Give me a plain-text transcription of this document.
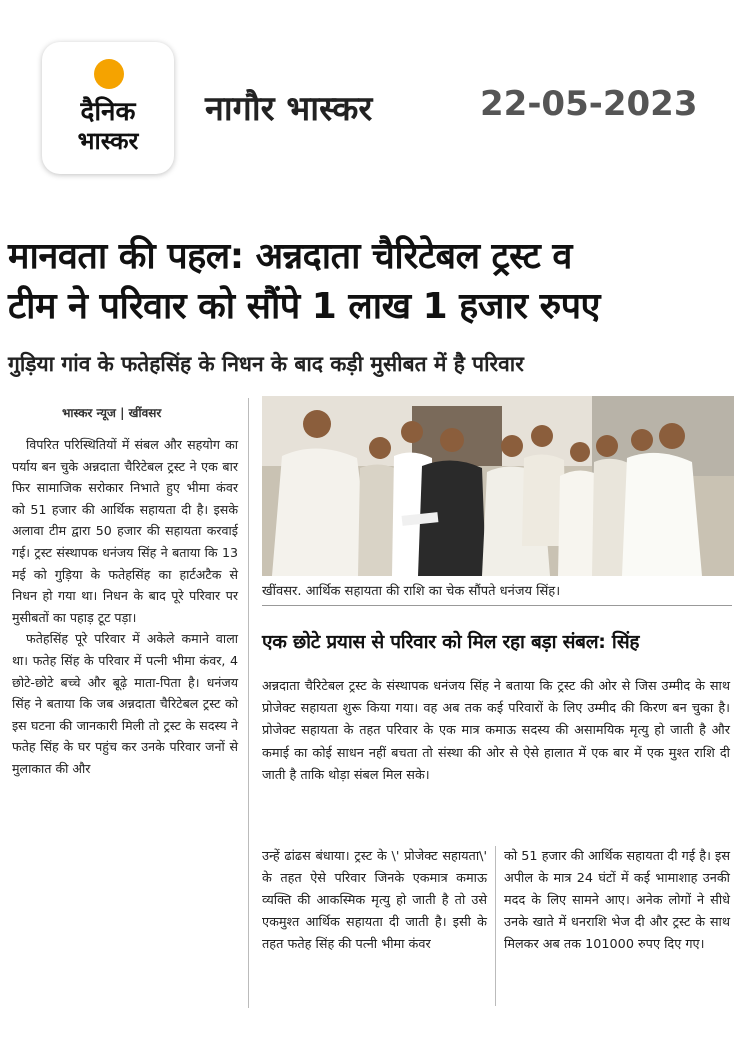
दैनिक
भास्कर
नागौर भास्कर	22-05-2023
मानवता की पहल: अन्नदाता चैरिटेबल ट्रस्ट व
टीम ने परिवार को सौंपे 1 लाख 1 हजार रुपए
गुड़िया गांव के फतेहसिंह के निधन के बाद कड़ी मुसीबत में है परिवार
भास्कर न्यूज | खींवसर

विपरित परिस्थितियों में संबल और सहयोग का पर्याय बन चुके अन्नदाता चैरिटेबल ट्रस्ट ने एक बार फिर सामाजिक सरोकार निभाते हुए भीमा कंवर को 51 हजार की आर्थिक सहायता दी है। इसके अलावा टीम द्वारा 50 हजार की सहायता करवाई गई। ट्रस्ट संस्थापक धनंजय सिंह ने बताया कि 13 मई को गुड़िया के फतेहसिंह का हार्टअटैक से निधन हो गया था। निधन के बाद पूरे परिवार पर मुसीबतों का पहाड़ टूट पड़ा।

फतेहसिंह पूरे परिवार में अकेले कमाने वाला था। फतेह सिंह के परिवार में पत्नी भीमा कंवर, 4 छोटे-छोटे बच्चे और बूढ़े माता-पिता है। धनंजय सिंह ने बताया कि जब अन्नदाता चैरिटेबल ट्रस्ट को इस घटना की जानकारी मिली तो ट्रस्ट के सदस्य ने फतेह सिंह के घर पहुंच कर उनके परिवार जनों से मुलाकात की और

खींवसर. आर्थिक सहायता की राशि का चेक सौंपते धनंजय सिंह।
एक छोटे प्रयास से परिवार को मिल रहा बड़ा संबल: सिंह
अन्नदाता चैरिटेबल ट्रस्ट के संस्थापक धनंजय सिंह ने बताया कि ट्रस्ट की ओर से जिस उम्मीद के साथ प्रोजेक्ट सहायता शुरू किया गया। वह अब तक कई परिवारों के लिए उम्मीद की किरण बन चुका है। प्रोजेक्ट सहायता के तहत परिवार के एक मात्र कमाऊ सदस्य की असामयिक मृत्यु हो जाती है और कमाई का कोई साधन नहीं बचता तो संस्था की ओर से ऐसे हालात में एक बार में एक मुश्त राशि दी जाती है ताकि थोड़ा संबल मिल सके।
उन्हें ढांढस बंधाया। ट्रस्ट के \' प्रोजेक्ट सहायता\' के तहत ऐसे परिवार जिनके एकमात्र कमाऊ व्यक्ति की आकस्मिक मृत्यु हो जाती है तो उसे एकमुश्त आर्थिक सहायता दी जाती है। इसी के तहत फतेह सिंह की पत्नी भीमा कंवर
को 51 हजार की आर्थिक सहायता दी गई है। इस अपील के मात्र 24 घंटों में कई भामाशाह उनकी मदद के लिए सामने आए। अनेक लोगों ने सीधे उनके खाते में धनराशि भेज दी और ट्रस्ट के साथ मिलकर अब तक 101000 रुपए दिए गए।
